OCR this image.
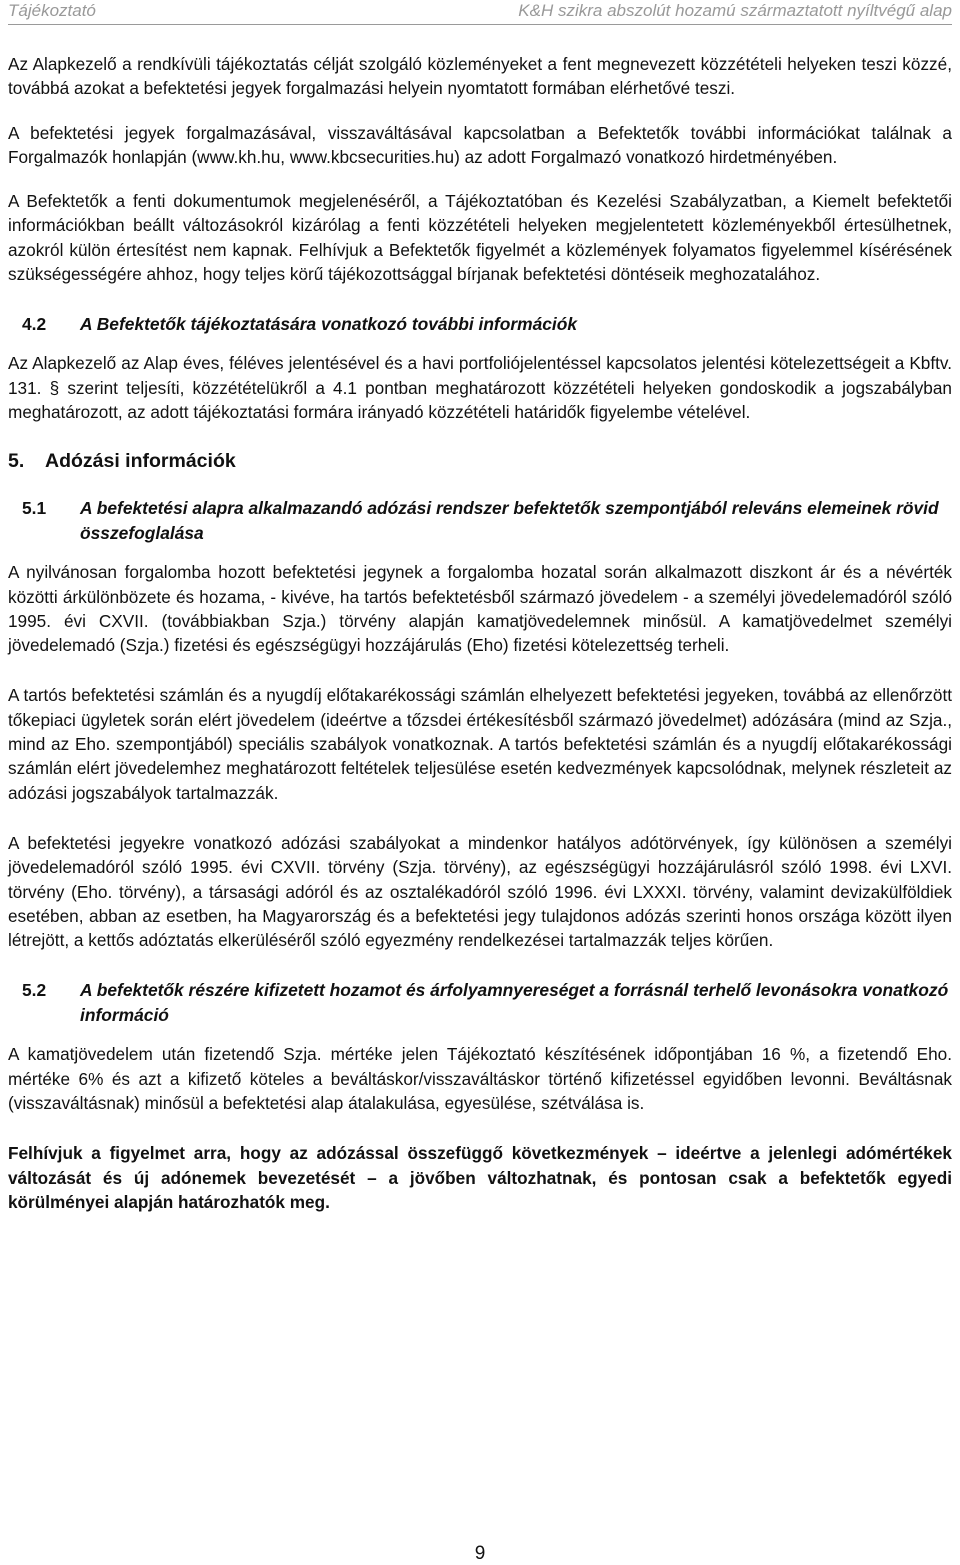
Tájékoztató	K&H szikra abszolút hozamú származtatott nyíltvégű alap

Az Alapkezelő a rendkívüli tájékoztatás célját szolgáló közleményeket a fent megnevezett közzétételi helyeken teszi közzé, továbbá azokat a befektetési jegyek forgalmazási helyein nyomtatott formában elérhetővé teszi.

A befektetési jegyek forgalmazásával, visszaváltásával kapcsolatban a Befektetők további információkat találnak a Forgalmazók honlapján (www.kh.hu, www.kbcsecurities.hu) az adott Forgalmazó vonatkozó hirdetményében.

A Befektetők a fenti dokumentumok megjelenéséről, a Tájékoztatóban és Kezelési Szabályzatban, a Kiemelt befektetői információkban beállt változásokról kizárólag a fenti közzétételi helyeken megjelentetett közleményekből értesülhetnek, azokról külön értesítést nem kapnak. Felhívjuk a Befektetők figyelmét a közlemények folyamatos figyelemmel kísérésének szükségességére ahhoz, hogy teljes körű tájékozottsággal bírjanak befektetési döntéseik meghozatalához.

4.2	A Befektetők tájékoztatására vonatkozó további információk

Az Alapkezelő az Alap éves, féléves jelentésével és a havi portfoliójelentéssel kapcsolatos jelentési kötelezettségeit a Kbftv. 131. § szerint teljesíti, közzétételükről a 4.1 pontban meghatározott közzétételi helyeken gondoskodik a jogszabályban meghatározott, az adott tájékoztatási formára irányadó közzétételi határidők figyelembe vételével.

5.	Adózási információk
5.1	A befektetési alapra alkalmazandó adózási rendszer befektetők szempontjából releváns elemeinek rövid összefoglalása

A nyilvánosan forgalomba hozott befektetési jegynek a forgalomba hozatal során alkalmazott diszkont ár és a névérték közötti árkülönbözete és hozama, - kivéve, ha tartós befektetésből származó jövedelem - a személyi jövedelemadóról szóló 1995. évi CXVII. (továbbiakban Szja.) törvény alapján kamatjövedelemnek minősül. A kamatjövedelmet személyi jövedelemadó (Szja.) fizetési és egészségügyi hozzájárulás (Eho) fizetési kötelezettség terheli.

A tartós befektetési számlán és a nyugdíj előtakarékossági számlán elhelyezett befektetési jegyeken, továbbá az ellenőrzött tőkepiaci ügyletek során elért jövedelem (ideértve a tőzsdei értékesítésből származó jövedelmet) adózására (mind az Szja., mind az Eho. szempontjából) speciális szabályok vonatkoznak. A tartós befektetési számlán és a nyugdíj előtakarékossági számlán elért jövedelemhez meghatározott feltételek teljesülése esetén kedvezmények kapcsolódnak, melynek részleteit az adózási jogszabályok tartalmazzák.

A befektetési jegyekre vonatkozó adózási szabályokat a mindenkor hatályos adótörvények, így különösen a személyi jövedelemadóról szóló 1995. évi CXVII. törvény (Szja. törvény), az egészségügyi hozzájárulásról szóló 1998. évi LXVI. törvény (Eho. törvény), a társasági adóról és az osztalékadóról szóló 1996. évi LXXXI. törvény, valamint devizakülföldiek esetében, abban az esetben, ha Magyarország és a befektetési jegy tulajdonos adózás szerinti honos országa között ilyen létrejött, a kettős adóztatás elkerüléséről szóló egyezmény rendelkezései tartalmazzák teljes körűen.

5.2	A befektetők részére kifizetett hozamot és árfolyamnyereséget a forrásnál terhelő levonásokra vonatkozó információ

A kamatjövedelem után fizetendő Szja. mértéke jelen Tájékoztató készítésének időpontjában 16 %, a fizetendő Eho. mértéke 6% és azt a kifizető köteles a beváltáskor/visszaváltáskor történő kifizetéssel egyidőben levonni. Beváltásnak (visszaváltásnak) minősül a befektetési alap átalakulása, egyesülése, szétválása is.

Felhívjuk a figyelmet arra, hogy az adózással összefüggő következmények – ideértve a jelenlegi adómértékek változását és új adónemek bevezetését – a jövőben változhatnak, és pontosan csak a befektetők egyedi körülményei alapján határozhatók meg.

9
